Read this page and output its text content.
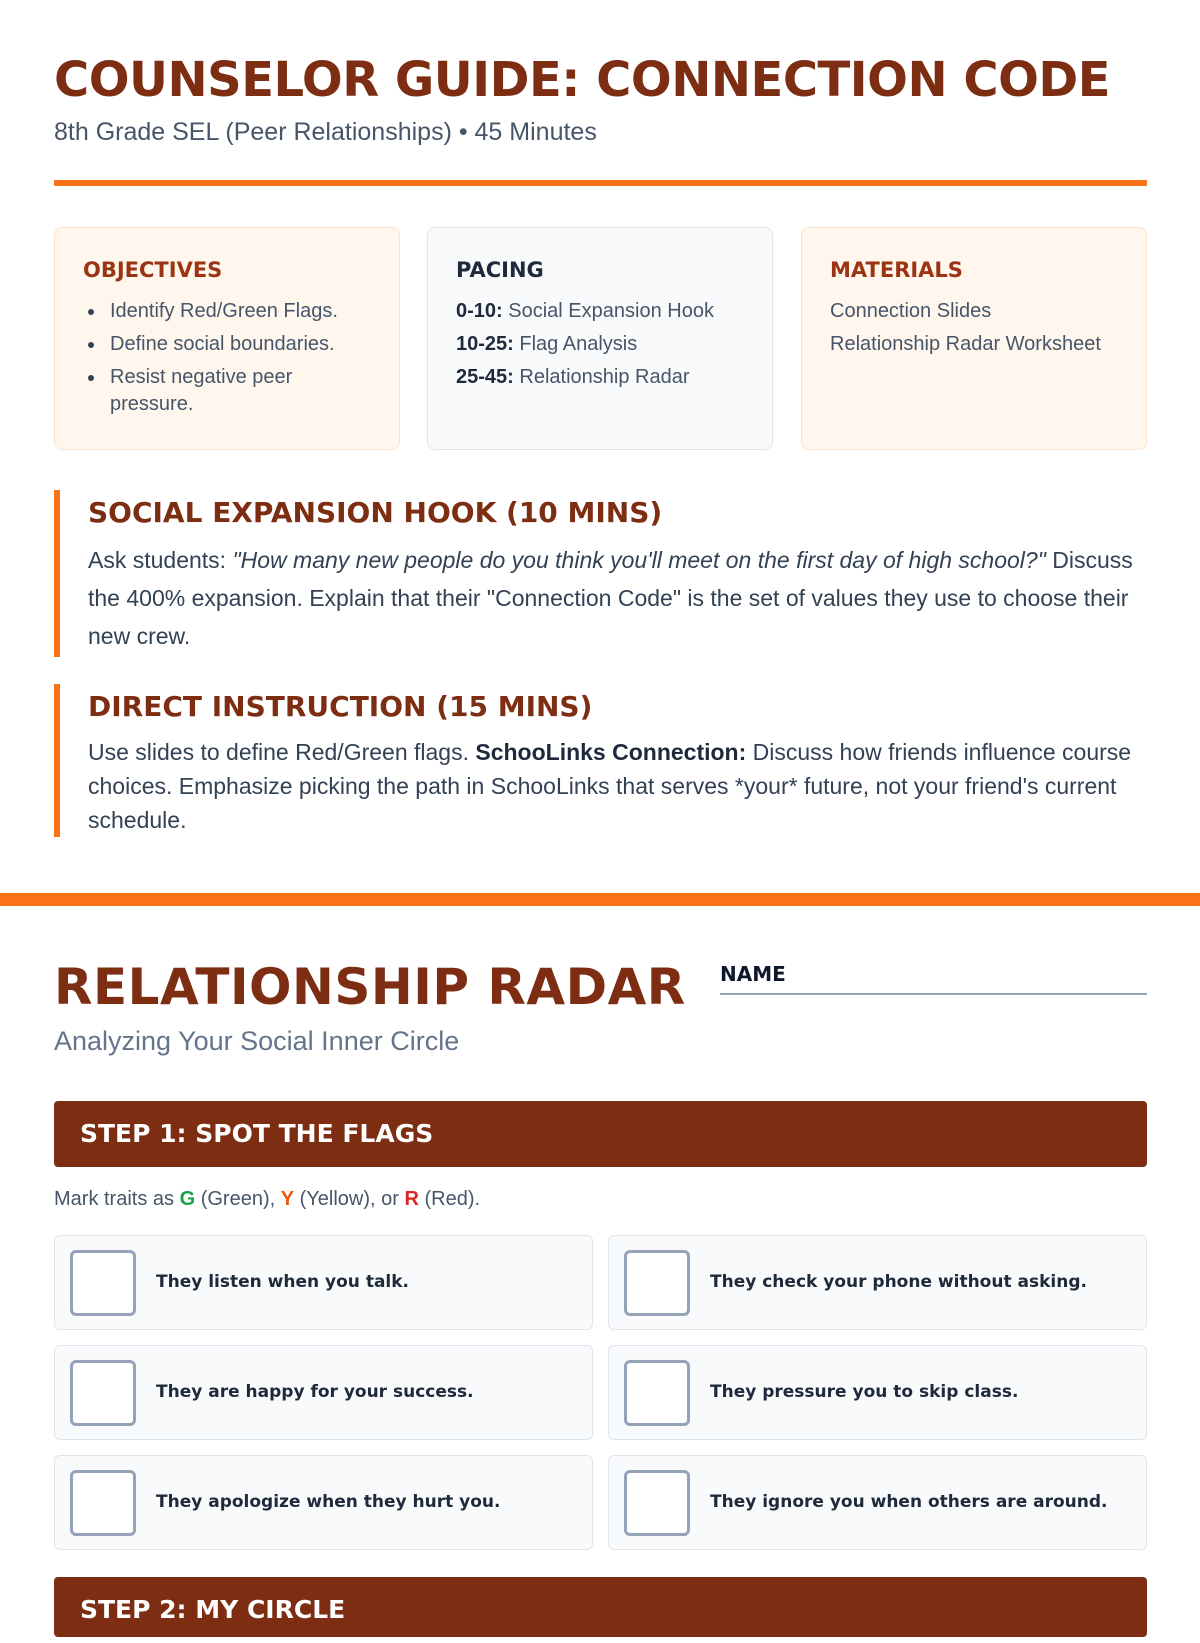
COUNSELOR GUIDE: CONNECTION CODE
8th Grade SEL (Peer Relationships) • 45 Minutes
OBJECTIVES
Identify Red/Green Flags.
Define social boundaries.
Resist negative peer pressure.
PACING
0-10: Social Expansion Hook
10-25: Flag Analysis
25-45: Relationship Radar
MATERIALS
Connection Slides
Relationship Radar Worksheet
SOCIAL EXPANSION HOOK (10 MINS)
Ask students: "How many new people do you think you'll meet on the first day of high school?" Discuss the 400% expansion. Explain that their "Connection Code" is the set of values they use to choose their new crew.
DIRECT INSTRUCTION (15 MINS)
Use slides to define Red/Green flags. SchooLinks Connection: Discuss how friends influence course choices. Emphasize picking the path in SchooLinks that serves *your* future, not your friend's current schedule.
RELATIONSHIP RADAR
Analyzing Your Social Inner Circle
NAME
STEP 1: SPOT THE FLAGS
Mark traits as G (Green), Y (Yellow), or R (Red).
They listen when you talk.	They check your phone without asking.
They are happy for your success.	They pressure you to skip class.
They apologize when they hurt you.	They ignore you when others are around.
STEP 2: MY CIRCLE
